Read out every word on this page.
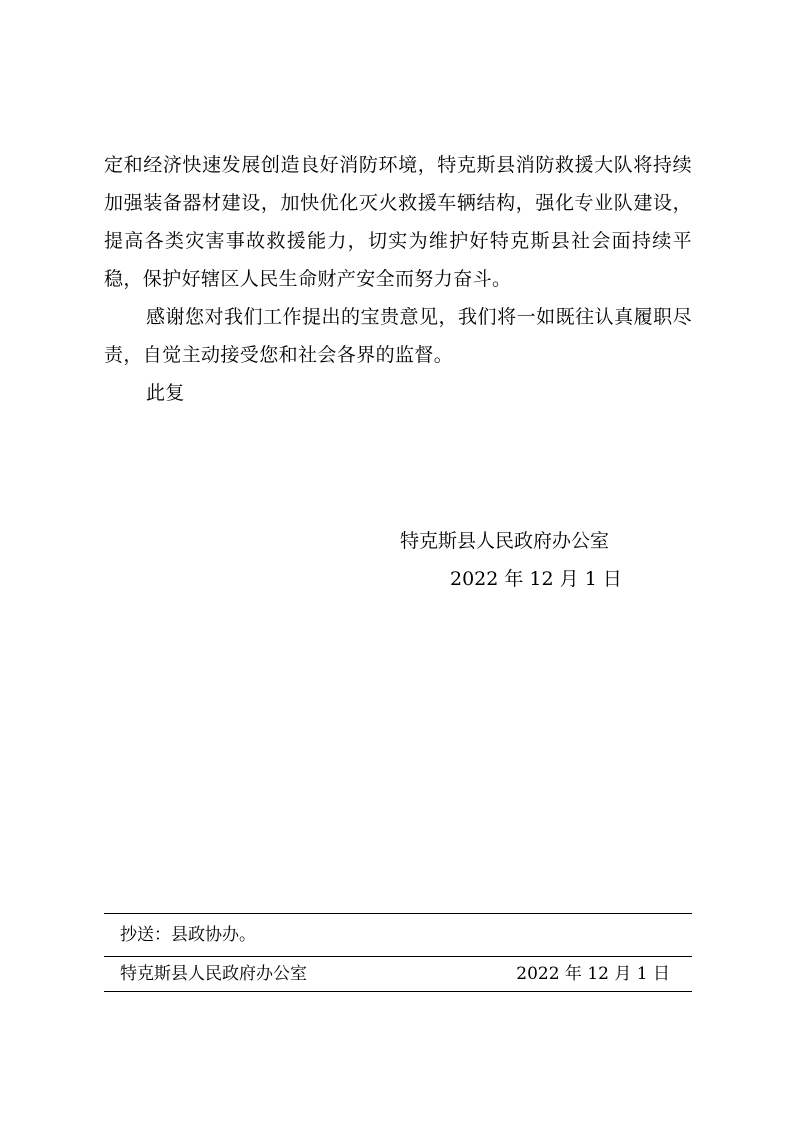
定和经济快速发展创造良好消防环境，特克斯县消防救援大队将持续加强装备器材建设，加快优化灭火救援车辆结构，强化专业队建设，提高各类灾害事故救援能力，切实为维护好特克斯县社会面持续平稳，保护好辖区人民生命财产安全而努力奋斗。

感谢您对我们工作提出的宝贵意见，我们将一如既往认真履职尽责，自觉主动接受您和社会各界的监督。

此复

特克斯县人民政府办公室
2022 年 12 月 1 日
抄送：县政协办。
特克斯县人民政府办公室	2022 年 12 月 1 日
